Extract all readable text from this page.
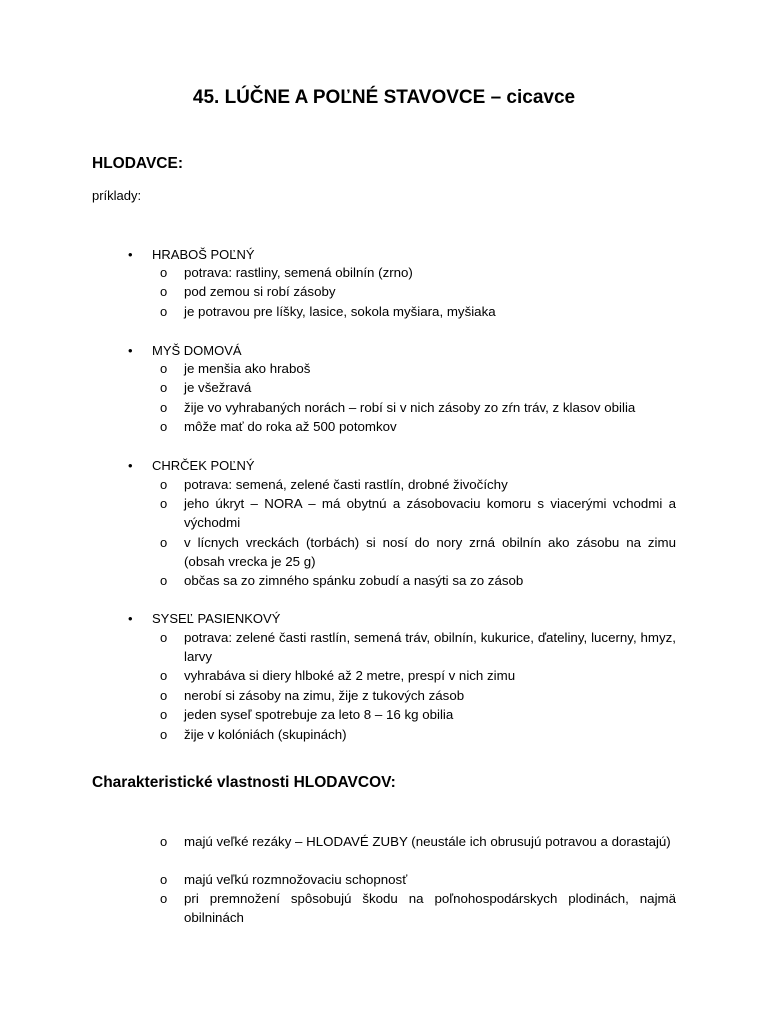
45. LÚČNE A POĽNÉ STAVOVCE – cicavce
HLODAVCE:

príklady:

•	HRABOŠ POĽNÝ
o potrava: rastliny, semená obilnín (zrno)
o pod zemou si robí zásoby
o je potravou pre líšky, lasice, sokola myšiara, myšiaka
•	MYŠ DOMOVÁ
o je menšia ako hraboš
o je všežravá
o žije vo vyhrabaných norách – robí si v nich zásoby zo zŕn tráv, z klasov obilia
o môže mať do roka až 500 potomkov
•	CHRČEK POĽNÝ
o potrava: semená, zelené časti rastlín, drobné živočíchy
o jeho úkryt – NORA – má obytnú a zásobovaciu komoru s viacerými vchodmi a východmi
o v lícnych vreckách (torbách) si nosí do nory zrná obilnín ako zásobu na zimu (obsah vrecka je 25 g)
o občas sa zo zimného spánku zobudí a nasýti sa zo zásob
•	SYSEĽ PASIENKOVÝ
o potrava: zelené časti rastlín, semená tráv, obilnín, kukurice, ďateliny, lucerny, hmyz, larvy
o vyhrabáva si diery hlboké až 2 metre, prespí v nich zimu
o nerobí si zásoby na zimu, žije z tukových zásob
o jeden syseľ spotrebuje za leto 8 – 16 kg obilia
o žije v kolóniách (skupinách)
Charakteristické vlastnosti HLODAVCOV:
o majú veľké rezáky – HLODAVÉ ZUBY (neustále ich obrusujú potravou a dorastajú)
o majú veľkú rozmnožovaciu schopnosť
o pri premnožení spôsobujú škodu na poľnohospodárskych plodinách, najmä obilninách
